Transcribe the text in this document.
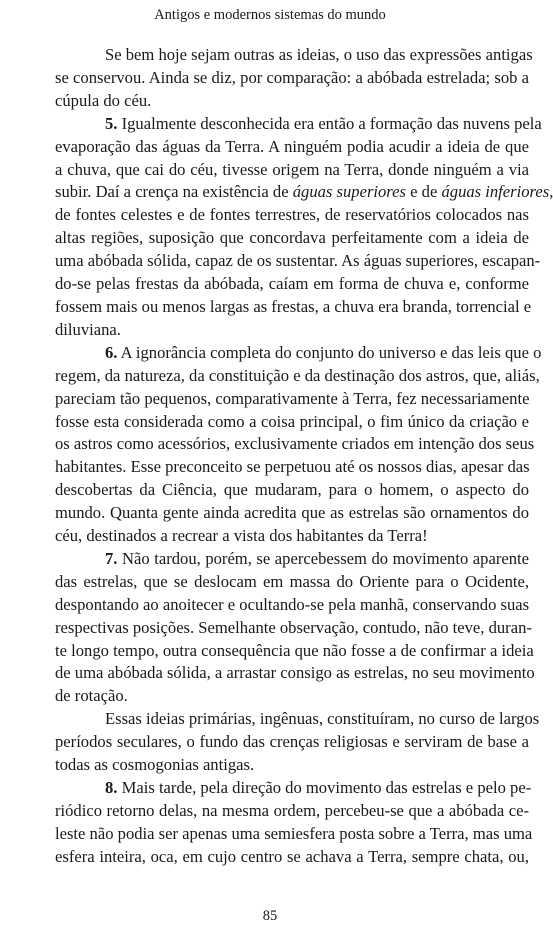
Antigos e modernos sistemas do mundo
Se bem hoje sejam outras as ideias, o uso das expressões antigas
se conservou. Ainda se diz, por comparação: a abóbada estrelada; sob a
cúpula do céu.
5. Igualmente desconhecida era então a formação das nuvens pela
evaporação das águas da Terra. A ninguém podia acudir a ideia de que
a chuva, que cai do céu, tivesse origem na Terra, donde ninguém a via
subir. Daí a crença na existência de águas superiores e de águas inferiores,
de fontes celestes e de fontes terrestres, de reservatórios colocados nas
altas regiões, suposição que concordava perfeitamente com a ideia de
uma abóbada sólida, capaz de os sustentar. As águas superiores, escapan-
do-se pelas frestas da abóbada, caíam em forma de chuva e, conforme
fossem mais ou menos largas as frestas, a chuva era branda, torrencial e
diluviana.
6. A ignorância completa do conjunto do universo e das leis que o
regem, da natureza, da constituição e da destinação dos astros, que, aliás,
pareciam tão pequenos, comparativamente à Terra, fez necessariamente
fosse esta considerada como a coisa principal, o fim único da criação e
os astros como acessórios, exclusivamente criados em intenção dos seus
habitantes. Esse preconceito se perpetuou até os nossos dias, apesar das
descobertas da Ciência, que mudaram, para o homem, o aspecto do
mundo. Quanta gente ainda acredita que as estrelas são ornamentos do
céu, destinados a recrear a vista dos habitantes da Terra!
7. Não tardou, porém, se apercebessem do movimento aparente
das estrelas, que se deslocam em massa do Oriente para o Ocidente,
despontando ao anoitecer e ocultando-se pela manhã, conservando suas
respectivas posições. Semelhante observação, contudo, não teve, duran-
te longo tempo, outra consequência que não fosse a de confirmar a ideia
de uma abóbada sólida, a arrastar consigo as estrelas, no seu movimento
de rotação.
Essas ideias primárias, ingênuas, constituíram, no curso de largos
períodos seculares, o fundo das crenças religiosas e serviram de base a
todas as cosmogonias antigas.
8. Mais tarde, pela direção do movimento das estrelas e pelo pe-
riódico retorno delas, na mesma ordem, percebeu-se que a abóbada ce-
leste não podia ser apenas uma semiesfera posta sobre a Terra, mas uma
esfera inteira, oca, em cujo centro se achava a Terra, sempre chata, ou,
85
